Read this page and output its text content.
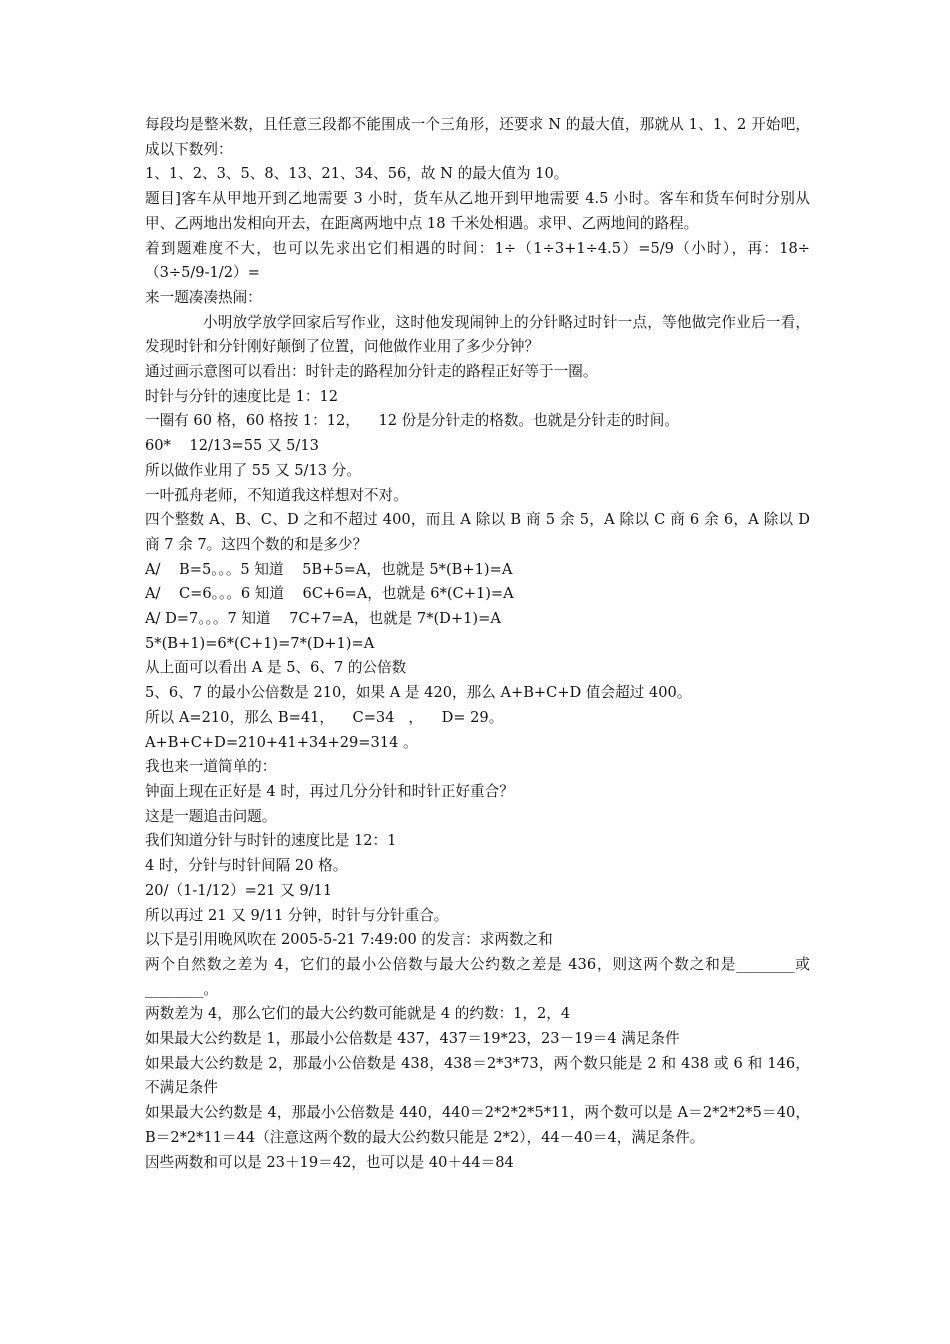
每段均是整米数，且任意三段都不能围成一个三角形，还要求 N 的最大值，那就从 1、1、2 开始吧，成以下数列：

1、1、2、3、5、8、13、21、34、56，故 N 的最大值为 10。

题目]客车从甲地开到乙地需要 3 小时，货车从乙地开到甲地需要 4.5 小时。客车和货车何时分别从甲、乙两地出发相向开去，在距离两地中点 18 千米处相遇。求甲、乙两地间的路程。

着到题难度不大，也可以先求出它们相遇的时间：1÷（1÷3+1÷4.5）=5/9（小时），再：18÷（3÷5/9-1/2）=

来一题凑凑热闹：

小明放学放学回家后写作业，这时他发现闹钟上的分针略过时针一点，等他做完作业后一看，发现时针和分针刚好颠倒了位置，问他做作业用了多少分钟？

通过画示意图可以看出：时针走的路程加分针走的路程正好等于一圈。

时针与分针的速度比是 1：12

一圈有 60 格，60 格按 1：12，    12 份是分针走的格数。也就是分针走的时间。

60*    12/13=55 又 5/13

所以做作业用了 55 又 5/13 分。

一叶孤舟老师，不知道我这样想对不对。

四个整数 A、B、C、D 之和不超过 400，而且 A 除以 B 商 5 余 5，A 除以 C 商 6 余 6，A 除以 D 商 7 余 7。这四个数的和是多少？

A/    B=5。。。5 知道    5B+5=A，也就是 5*(B+1)=A

A/    C=6。。。6 知道    6C+6=A，也就是 6*(C+1)=A

A/ D=7。。。7 知道    7C+7=A，也就是 7*(D+1)=A

5*(B+1)=6*(C+1)=7*(D+1)=A

从上面可以看出 A 是 5、6、7 的公倍数

5、6、7 的最小公倍数是 210，如果 A 是 420，那么 A+B+C+D 值会超过 400。

所以 A=210，那么 B=41，    C=34   ，    D= 29。

A+B+C+D=210+41+34+29=314 。

我也来一道简单的：

钟面上现在正好是 4 时，再过几分分针和时针正好重合？

这是一题追击问题。

我们知道分针与时针的速度比是 12：1

4 时，分针与时针间隔 20 格。

20/（1-1/12）=21 又 9/11

所以再过 21 又 9/11 分钟，时针与分针重合。

以下是引用晚风吹在 2005-5-21 7:49:00 的发言：求两数之和

两个自然数之差为 4，它们的最小公倍数与最大公约数之差是 436，则这两个数之和是________或________。

两数差为 4，那么它们的最大公约数可能就是 4 的约数：1，2，4

如果最大公约数是 1，那最小公倍数是 437，437＝19*23，23－19＝4 满足条件

如果最大公约数是 2，那最小公倍数是 438，438＝2*3*73，两个数只能是 2 和 438 或 6 和 146，不满足条件

如果最大公约数是 4，那最小公倍数是 440，440＝2*2*2*5*11，两个数可以是 A＝2*2*2*5＝40，B＝2*2*11＝44（注意这两个数的最大公约数只能是 2*2），44－40＝4，满足条件。

因些两数和可以是 23＋19＝42，也可以是 40＋44＝84
